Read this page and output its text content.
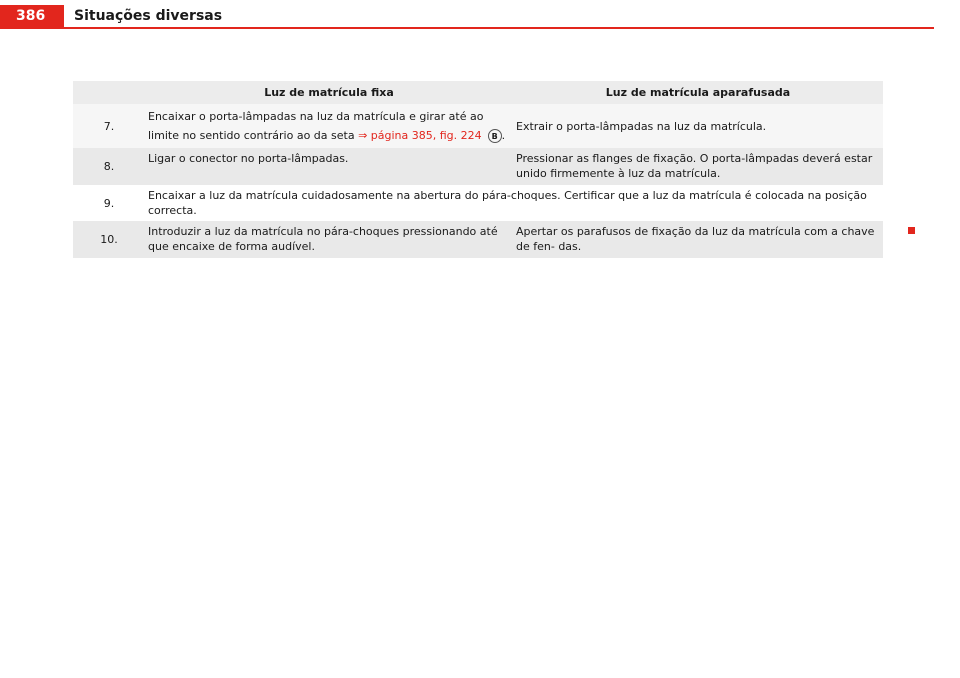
386	Situações diversas
	Luz de matrícula fixa	Luz de matrícula aparafusada
7.	Encaixar o porta-lâmpadas na luz da matrícula e girar até ao limite no sentido contrário ao da seta ⇒ página 385, fig. 224 B .	Extrair o porta-lâmpadas na luz da matrícula.
8.	Ligar o conector no porta-lâmpadas.	Pressionar as flanges de fixação. O porta-lâmpadas deverá estar unido firmemente à luz da matrícula.
9.	Encaixar a luz da matrícula cuidadosamente na abertura do pára-choques. Certificar que a luz da matrícula é colocada na posição correcta.	
10.	Introduzir a luz da matrícula no pára-choques pressionando até que encaixe de forma audível.	Apertar os parafusos de fixação da luz da matrícula com a chave de fen- das.
